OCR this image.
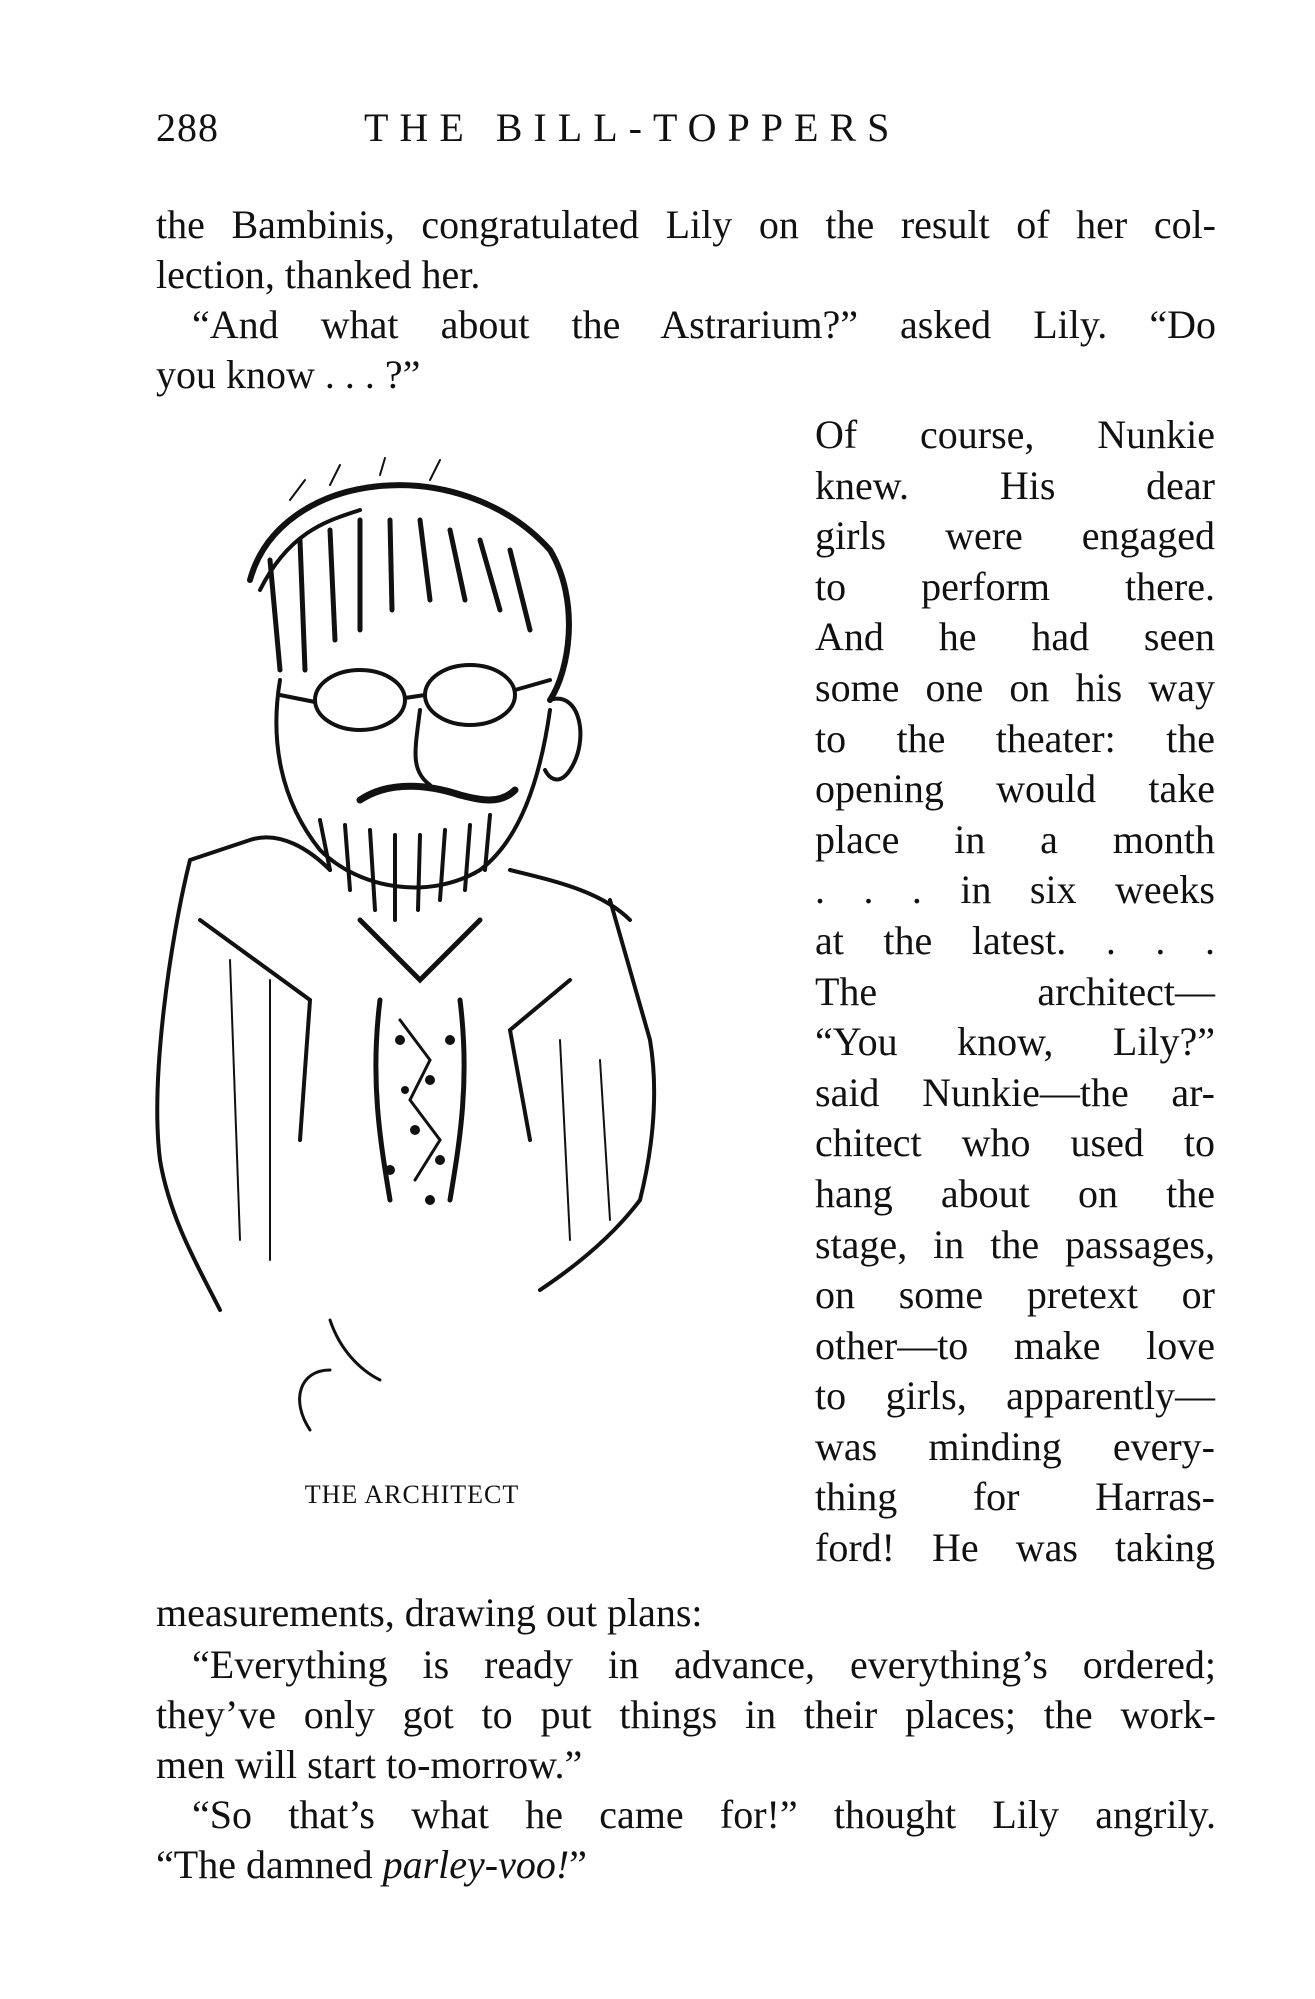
288	THE BILL-TOPPERS

the Bambinis, congratulated Lily on the result of her col-
lection, thanked her.

“And what about the Astrarium?” asked Lily. “Do
you know . . . ?”

THE ARCHITECT
Of course, Nunkie
knew. His dear
girls were engaged
to perform there.
And he had seen
some one on his way
to the theater: the
opening would take
place in a month
. . . in six weeks
at the latest. . . .
The architect—
“You know, Lily?”
said Nunkie—the ar-
chitect who used to
hang about on the
stage, in the passages,
on some pretext or
other—to make love
to girls, apparently—
was minding every-
thing for Harras-
ford! He was taking

measurements, drawing out plans:

“Everything is ready in advance, everything’s ordered;
they’ve only got to put things in their places; the work-
men will start to-morrow.”

“So that’s what he came for!” thought Lily angrily.
“The damned parley-voo!”
